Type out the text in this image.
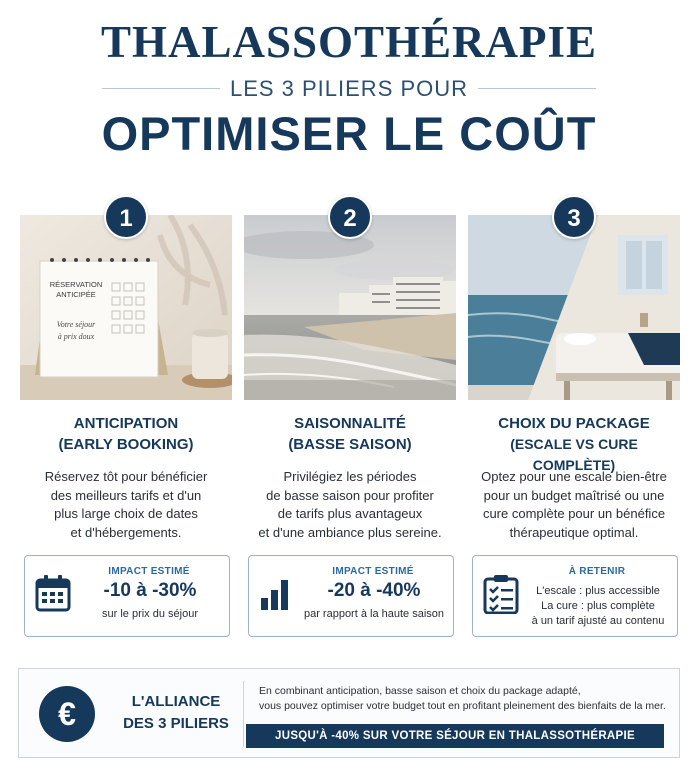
THALASSOTHÉRAPIE
LES 3 PILIERS POUR
OPTIMISER LE COÛT
1
RÉSERVATION
ANTICIPÉE
Votre séjour
à prix doux
ANTICIPATION
(EARLY BOOKING)
Réservez tôt pour bénéficier
des meilleurs tarifs et d'un
plus large choix de dates
et d'hébergements.
IMPACT ESTIMÉ
-10 à -30%
sur le prix du séjour
2
SAISONNALITÉ
(BASSE SAISON)
Privilégiez les périodes
de basse saison pour profiter
de tarifs plus avantageux
et d'une ambiance plus sereine.
IMPACT ESTIMÉ
-20 à -40%
par rapport à la haute saison
3
CHOIX DU PACKAGE
(ESCALE VS CURE COMPLÈTE)
Optez pour une escale bien-être
pour un budget maîtrisé ou une
cure complète pour un bénéfice
thérapeutique optimal.
À RETENIR
L'escale : plus accessible
La cure : plus complète
à un tarif ajusté au contenu
€	L'ALLIANCE
DES 3 PILIERS
En combinant anticipation, basse saison et choix du package adapté,
vous pouvez optimiser votre budget tout en profitant pleinement des bienfaits de la mer.
JUSQU'À -40% SUR VOTRE SÉJOUR EN THALASSOTHÉRAPIE
